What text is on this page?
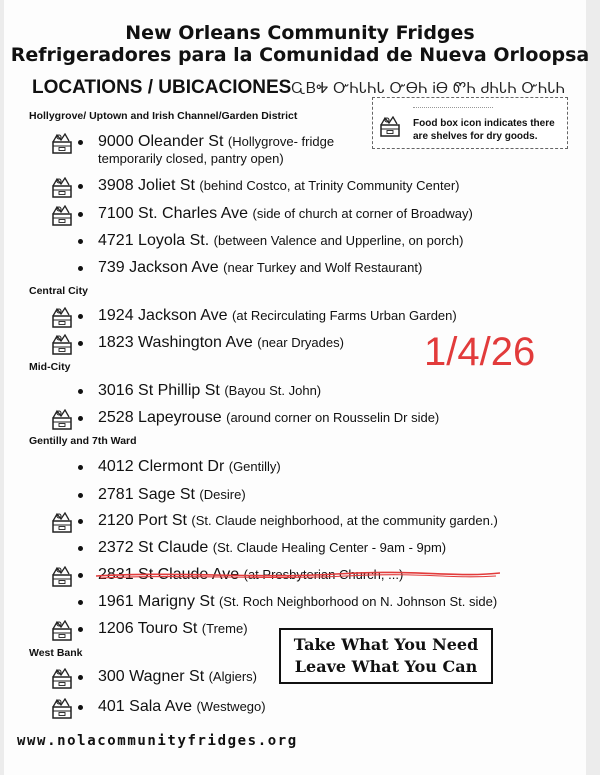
New Orleans Community Fridges
Refrigeradores para la Comunidad de Nueva Orloopsa
LOCATIONS / UBICACIONESᏩᏴᎭ ᏅᏂᏓᏂᏓ ᏅᎾᏂ ᎥᎾ ᏛᏂ ᏧᏂᏓᏂ ᏅᏂᏓᏂ
Food box icon indicates there are shelves for dry goods.
Hollygrove/ Uptown and Irish Channel/Garden District
Central City
Mid-City
Gentilly and 7th Ward
West Bank
9000 Oleander St (Hollygrove- fridge
temporarily closed, pantry open)
3908 Joliet St (behind Costco, at Trinity Community Center)
7100 St. Charles Ave (side of church at corner of Broadway)
4721 Loyola St. (between Valence and Upperline, on porch)
739 Jackson Ave (near Turkey and Wolf Restaurant)
1924 Jackson Ave (at Recirculating Farms Urban Garden)
1823 Washington Ave (near Dryades)
3016 St Phillip St (Bayou St. John)
2528 Lapeyrouse (around corner on Rousselin Dr side)
4012 Clermont Dr (Gentilly)
2781 Sage St (Desire)
2120 Port St (St. Claude neighborhood, at the community garden.)
2372 St Claude (St. Claude Healing Center - 9am - 9pm)
2831 St Claude Ave (at Presbyterian Church, ...)
1961 Marigny St (St. Roch Neighborhood on N. Johnson St. side)
1206 Touro St (Treme)
300 Wagner St (Algiers)
401 Sala Ave (Westwego)
1/4/26
Take What You Need
Leave What You Can
www.nolacommunityfridges.org
